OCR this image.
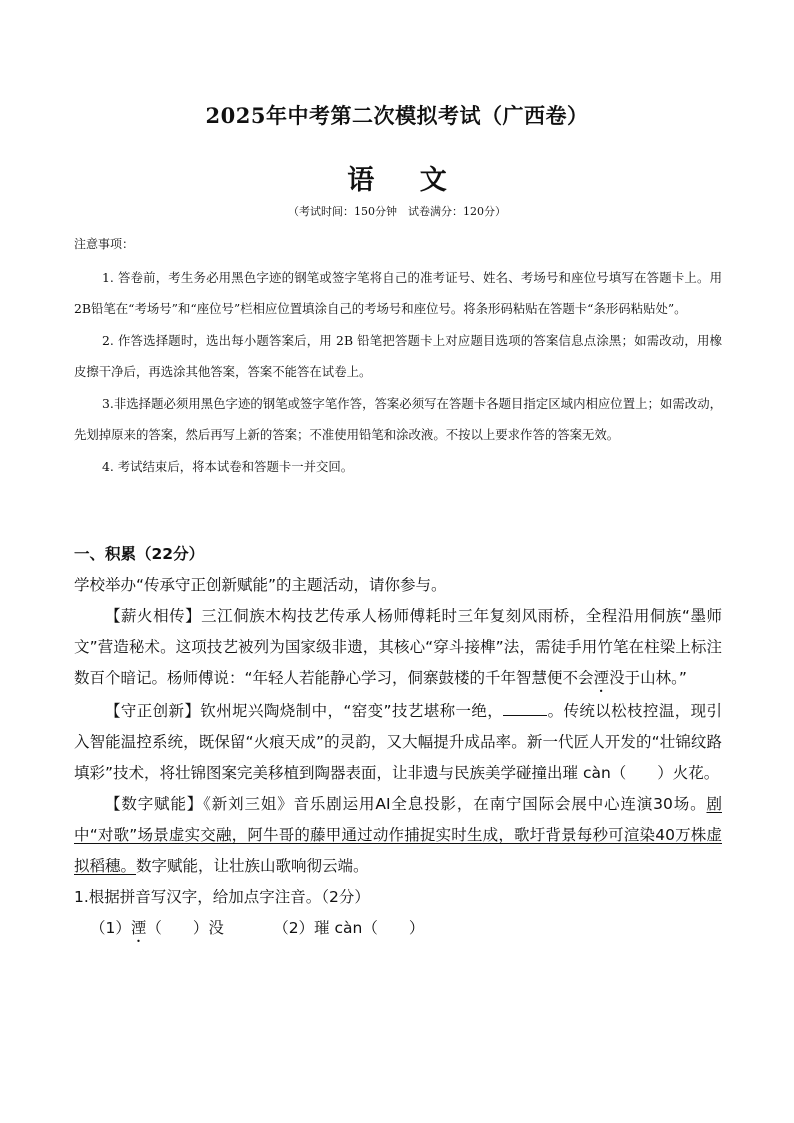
2025年中考第二次模拟考试（广西卷）
语 文
（考试时间：150分钟　试卷满分：120分）
注意事项：

1. 答卷前，考生务必用黑色字迹的钢笔或签字笔将自己的准考证号、姓名、考场号和座位号填写在答题卡上。用2B铅笔在“考场号”和“座位号”栏相应位置填涂自己的考场号和座位号。将条形码粘贴在答题卡“条形码粘贴处”。

2. 作答选择题时，选出每小题答案后，用 2B 铅笔把答题卡上对应题目选项的答案信息点涂黑；如需改动，用橡皮擦干净后，再选涂其他答案，答案不能答在试卷上。

3.非选择题必须用黑色字迹的钢笔或签字笔作答，答案必须写在答题卡各题目指定区域内相应位置上；如需改动，先划掉原来的答案，然后再写上新的答案；不准使用铅笔和涂改液。不按以上要求作答的答案无效。

4. 考试结束后，将本试卷和答题卡一并交回。

一、积累（22分）

学校举办“传承守正创新赋能”的主题活动，请你参与。

【薪火相传】三江侗族木构技艺传承人杨师傅耗时三年复刻风雨桥，全程沿用侗族“墨师文”营造秘术。这项技艺被列为国家级非遗，其核心“穿斗接榫”法，需徒手用竹笔在柱梁上标注数百个暗记。杨师傅说：“年轻人若能静心学习，侗寨鼓楼的千年智慧便不会湮没于山林。”

【守正创新】钦州坭兴陶烧制中，“窑变”技艺堪称一绝，	。传统以松枝控温，现引入智能温控系统，既保留“火痕天成”的灵韵，又大幅提升成品率。新一代匠人开发的“壮锦纹路填彩”技术，将壮锦图案完美移植到陶器表面，让非遗与民族美学碰撞出璀 càn（　　）火花。

【数字赋能】《新刘三姐》音乐剧运用AI全息投影，在南宁国际会展中心连演30场。剧中“对歌”场景虚实交融，阿牛哥的藤甲通过动作捕捉实时生成，歌圩背景每秒可渲染40万株虚拟稻穗。数字赋能，让壮族山歌响彻云端。

1.根据拼音写汉字，给加点字注音。（2分）

（1）湮（　　）没	（2）璀 càn（　　）
